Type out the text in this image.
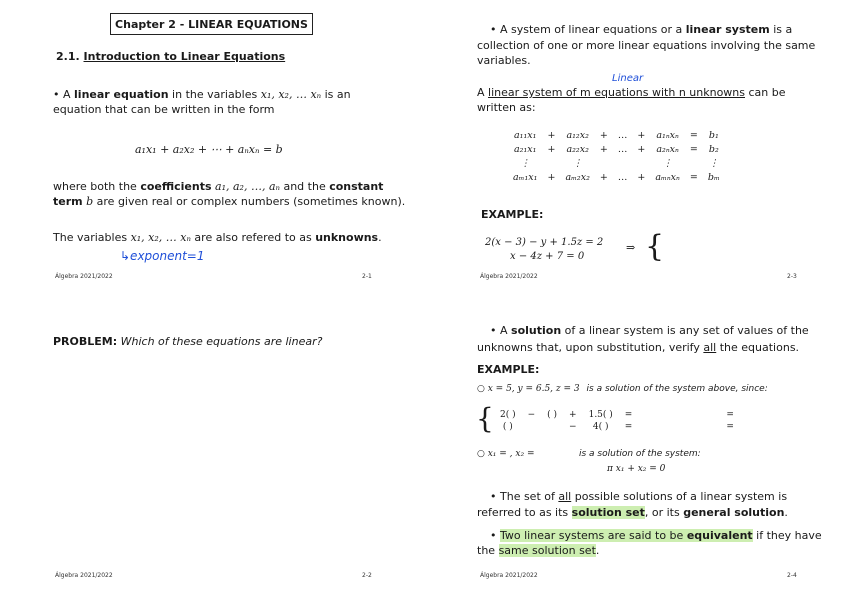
Chapter 2 - LINEAR EQUATIONS
2.1. Introduction to Linear Equations
• A linear equation in the variables x₁, x₂, … xₙ is an
equation that can be written in the form
a₁x₁ + a₂x₂ + ⋯ + aₙxₙ = b
where both the coefficients a₁, a₂, …, aₙ and the constant
term b are given real or complex numbers (sometimes known).
The variables x₁, x₂, … xₙ are also refered to as unknowns.
↳exponent=1
Álgebra 2021/2022	2-1
PROBLEM: Which of these equations are linear?
Álgebra 2021/2022	2-2
• A system of linear equations or a linear system is a
collection of one or more linear equations involving the same
variables.
Linear
A linear system of m equations with n unknowns can be
written as:
a₁₁x₁	+	a₁₂x₂	+	…	+	a₁ₙxₙ	=	b₁
a₂₁x₁	+	a₂₂x₂	+	…	+	a₂ₙxₙ	=	b₂
⋮		⋮				⋮		⋮
aₘ₁x₁	+	aₘ₂x₂	+	…	+	aₘₙxₙ	=	bₘ
EXAMPLE:
2(x − 3) − y + 1.5z = 2
x − 4z + 7 = 0
⇒ {
Álgebra 2021/2022	2-3
• A solution of a linear system is any set of values of the
unknowns that, upon substitution, verify all the equations.
EXAMPLE:
○ x = 5, y = 6.5, z = 3 is a solution of the system above, since:
{ 2( )	−	( )	+	1.5( )	=	=
( )			−	4( )	=	=
○ x₁ = , x₂ =	is a solution of the system:
π x₁ + x₂ = 0
• The set of all possible solutions of a linear system is
referred to as its solution set, or its general solution.
• Two linear systems are said to be equivalent if they have
the same solution set.
Álgebra 2021/2022	2-4
